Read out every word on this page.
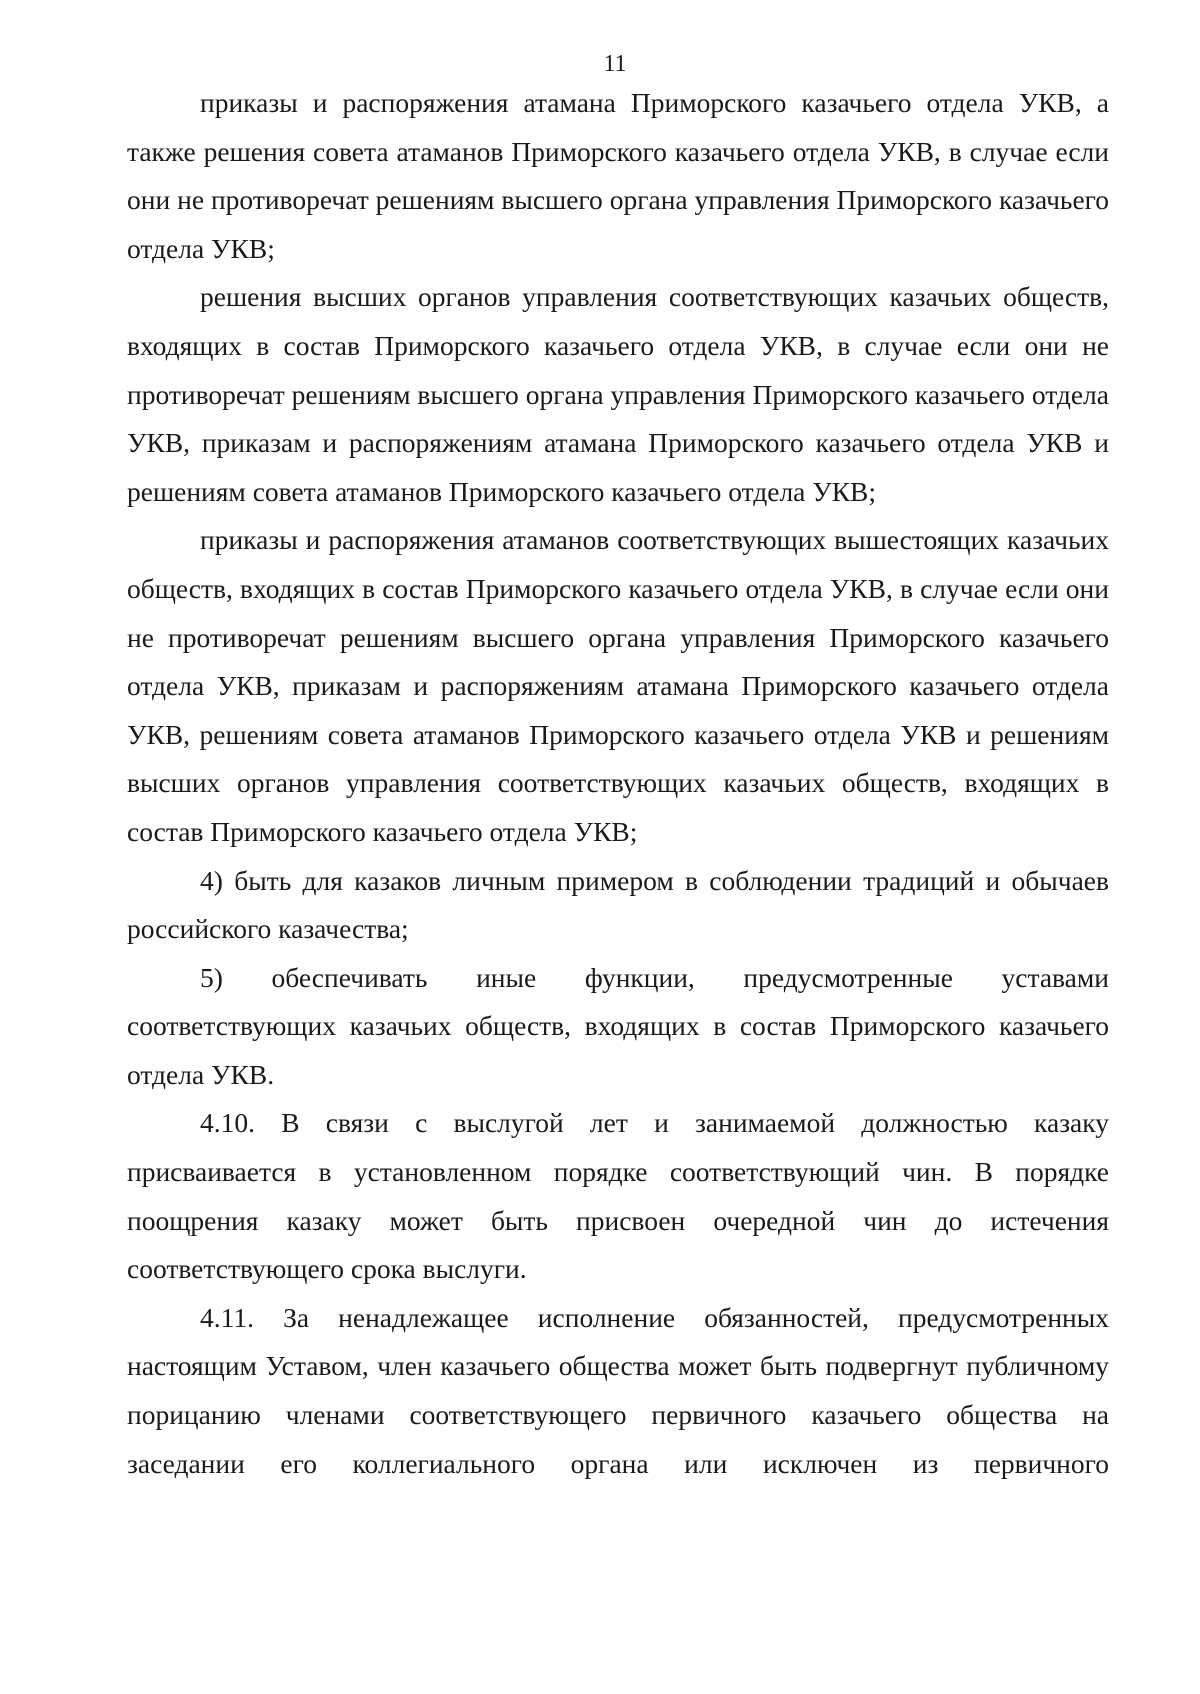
11

приказы и распоряжения атамана Приморского казачьего отдела УКВ, а также решения совета атаманов Приморского казачьего отдела УКВ, в случае если они не противоречат решениям высшего органа управления Приморского казачьего отдела УКВ;

решения высших органов управления соответствующих казачьих обществ, входящих в состав Приморского казачьего отдела УКВ, в случае если они не противоречат решениям высшего органа управления Приморского казачьего отдела УКВ, приказам и распоряжениям атамана Приморского казачьего отдела УКВ и решениям совета атаманов Приморского казачьего отдела УКВ;

приказы и распоряжения атаманов соответствующих вышестоящих казачьих обществ, входящих в состав Приморского казачьего отдела УКВ, в случае если они не противоречат решениям высшего органа управления Приморского казачьего отдела УКВ, приказам и распоряжениям атамана Приморского казачьего отдела УКВ, решениям совета атаманов Приморского казачьего отдела УКВ и решениям высших органов управления соответствующих казачьих обществ, входящих в состав Приморского казачьего отдела УКВ;

4) быть для казаков личным примером в соблюдении традиций и обычаев российского казачества;

5) обеспечивать иные функции, предусмотренные уставами соответствующих казачьих обществ, входящих в состав Приморского казачьего отдела УКВ.

4.10. В связи с выслугой лет и занимаемой должностью казаку присваивается в установленном порядке соответствующий чин. В порядке поощрения казаку может быть присвоен очередной чин до истечения соответствующего срока выслуги.

4.11. За ненадлежащее исполнение обязанностей, предусмотренных настоящим Уставом, член казачьего общества может быть подвергнут публичному порицанию членами соответствующего первичного казачьего общества на заседании его коллегиального органа или исключен из первичного
